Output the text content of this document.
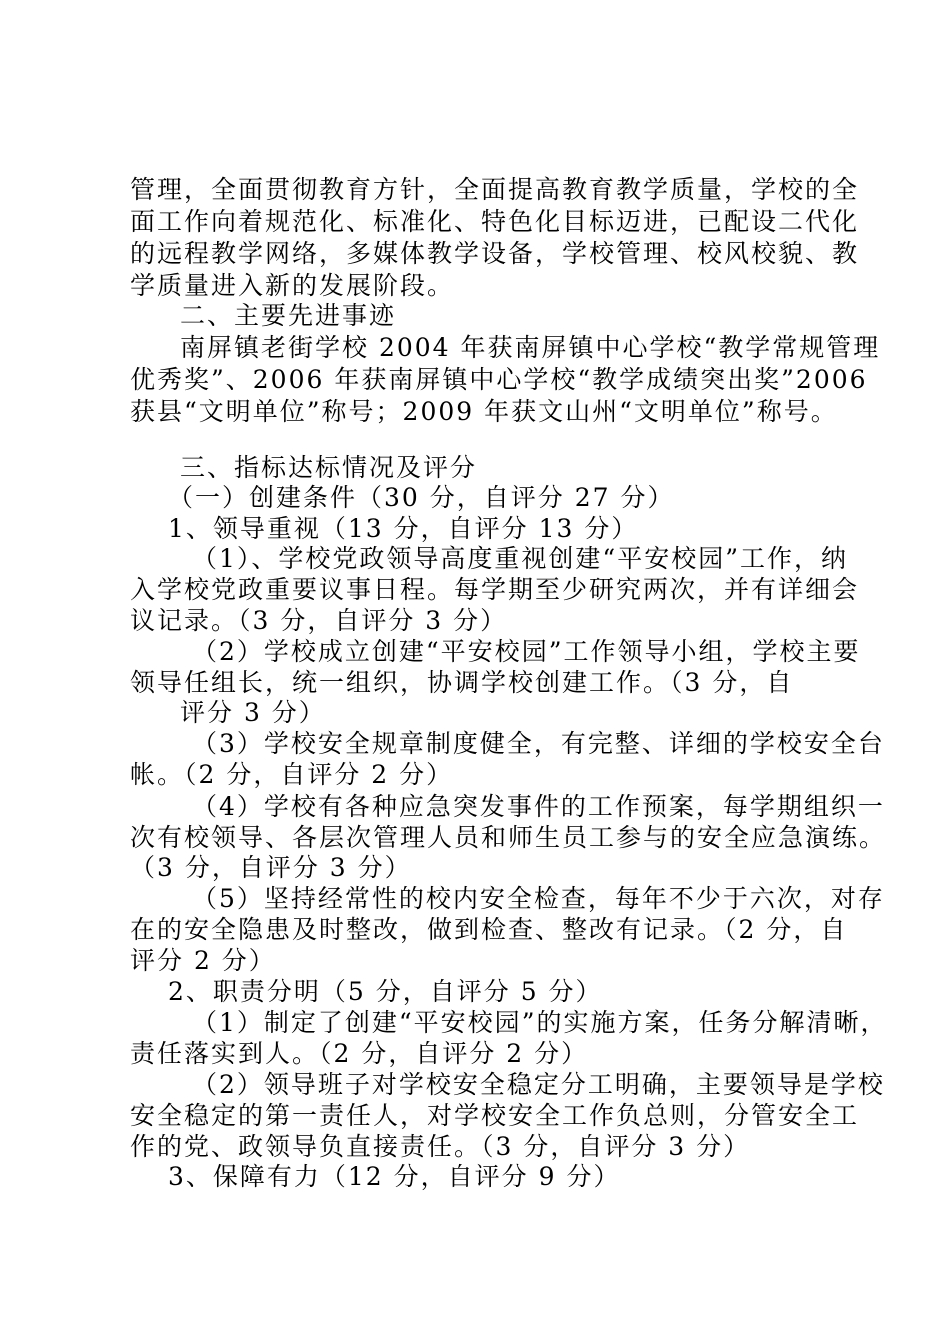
管理，全面贯彻教育方针，全面提高教育教学质量，学校的全
面工作向着规范化、标准化、特色化目标迈进，已配设二代化
的远程教学网络，多媒体教学设备，学校管理、校风校貌、教
学质量进入新的发展阶段。
二、主要先进事迹
南屏镇老街学校 2004 年获南屏镇中心学校“教学常规管理
优秀奖”、2006 年获南屏镇中心学校“教学成绩突出奖”2006
获县“文明单位”称号；2009 年获文山州“文明单位”称号。
三、指标达标情况及评分
（一）创建条件（30 分，自评分 27 分）
1、领导重视（13 分，自评分 13 分）
（1）、学校党政领导高度重视创建“平安校园”工作，纳
入学校党政重要议事日程。每学期至少研究两次，并有详细会
议记录。（3 分，自评分 3 分）
（2）学校成立创建“平安校园”工作领导小组，学校主要
领导任组长，统一组织，协调学校创建工作。（3 分，自
评分 3 分）
（3）学校安全规章制度健全，有完整、详细的学校安全台
帐。（2 分，自评分 2 分）
（4）学校有各种应急突发事件的工作预案，每学期组织一
次有校领导、各层次管理人员和师生员工参与的安全应急演练。
（3 分，自评分 3 分）
（5）坚持经常性的校内安全检查，每年不少于六次，对存
在的安全隐患及时整改，做到检查、整改有记录。（2 分，自
评分 2 分）
2、职责分明（5 分，自评分 5 分）
（1）制定了创建“平安校园”的实施方案，任务分解清晰，
责任落实到人。（2 分，自评分 2 分）
（2）领导班子对学校安全稳定分工明确，主要领导是学校
安全稳定的第一责任人，对学校安全工作负总则，分管安全工
作的党、政领导负直接责任。（3 分，自评分 3 分）
3、保障有力（12 分，自评分 9 分）
